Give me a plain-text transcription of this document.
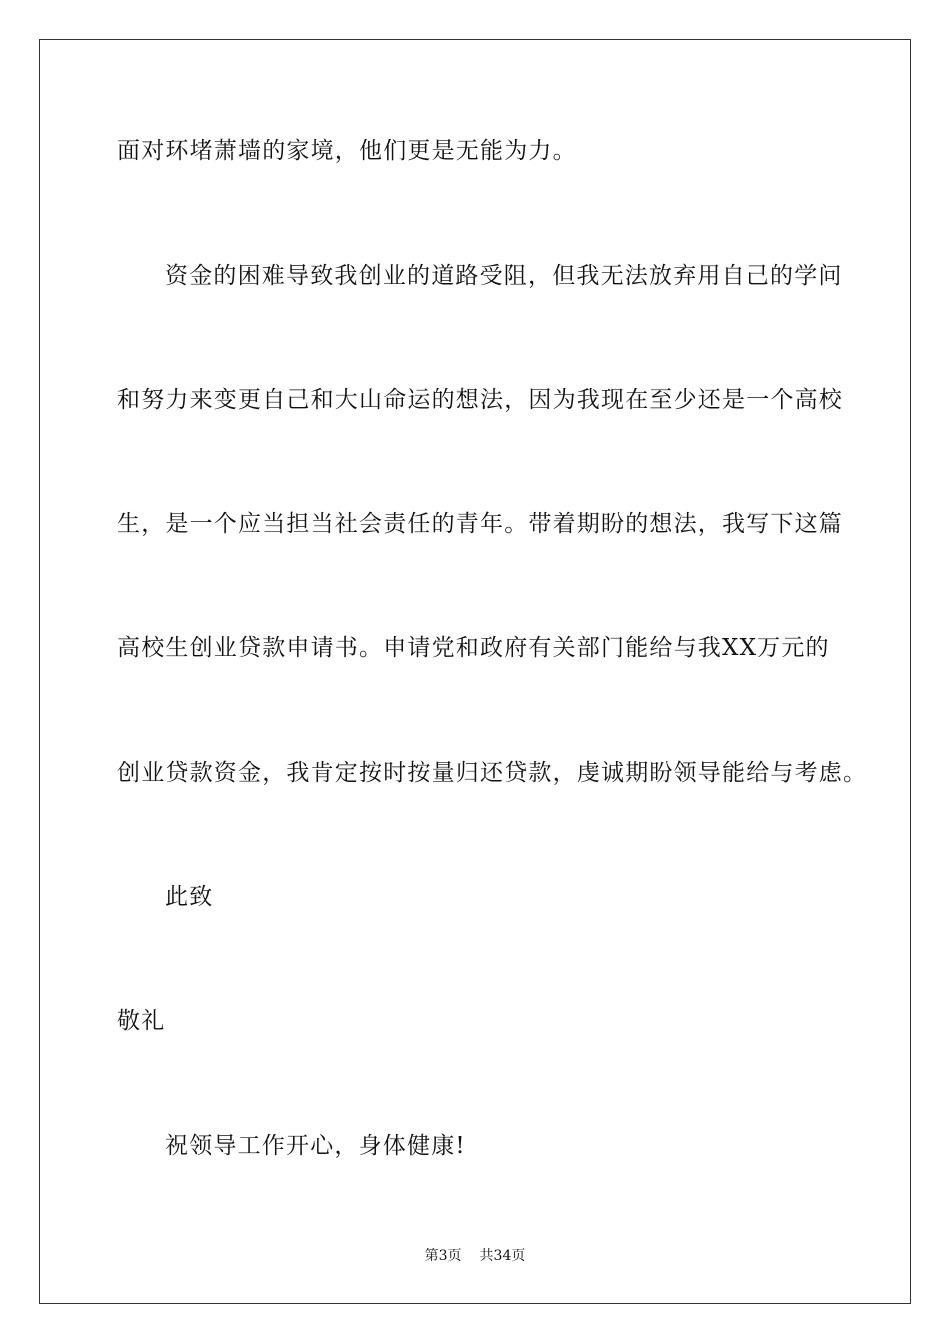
面对环堵萧墙的家境，他们更是无能为力。
资金的困难导致我创业的道路受阻，但我无法放弃用自己的学问
和努力来变更自己和大山命运的想法，因为我现在至少还是一个高校
生，是一个应当担当社会责任的青年。带着期盼的想法，我写下这篇
高校生创业贷款申请书。申请党和政府有关部门能给与我XX万元的
创业贷款资金，我肯定按时按量归还贷款，虔诚期盼领导能给与考虑。
此致
敬礼
祝领导工作开心，身体健康!
第3页 共34页
